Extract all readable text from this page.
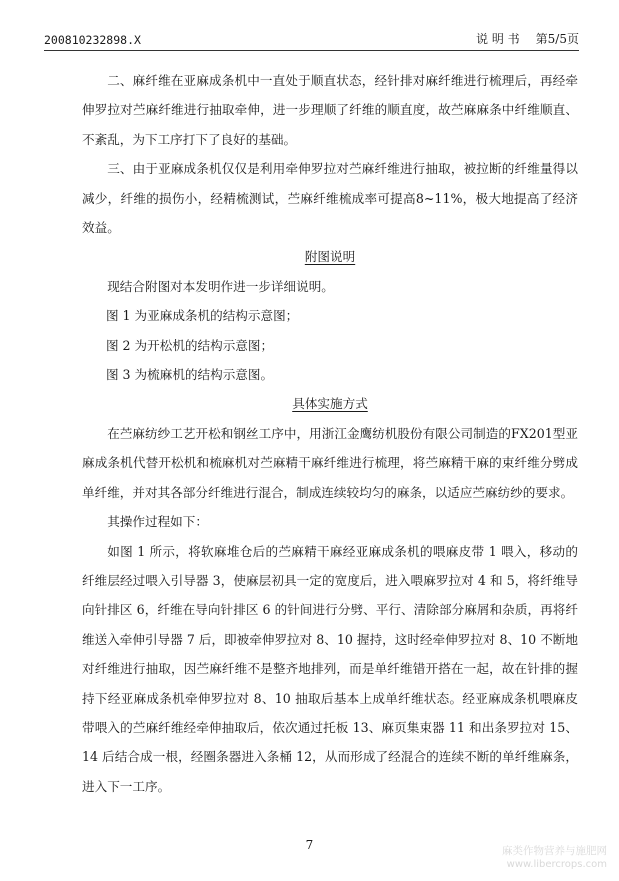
200810232898.X	说 明 书 第5/5页

二、麻纤维在亚麻成条机中一直处于顺直状态，经针排对麻纤维进行梳理后，再经牵伸罗拉对苎麻纤维进行抽取牵伸，进一步理顺了纤维的顺直度，故苎麻麻条中纤维顺直、不紊乱，为下工序打下了良好的基础。

三、由于亚麻成条机仅仅是利用牵伸罗拉对苎麻纤维进行抽取，被拉断的纤维量得以减少，纤维的损伤小，经精梳测试，苎麻纤维梳成率可提高8~11%，极大地提高了经济效益。

附图说明

现结合附图对本发明作进一步详细说明。

图 1 为亚麻成条机的结构示意图；

图 2 为开松机的结构示意图；

图 3 为梳麻机的结构示意图。

具体实施方式

在苎麻纺纱工艺开松和钢丝工序中，用浙江金鹰纺机股份有限公司制造的FX201型亚麻成条机代替开松机和梳麻机对苎麻精干麻纤维进行梳理，将苎麻精干麻的束纤维分劈成单纤维，并对其各部分纤维进行混合，制成连续较均匀的麻条，以适应苎麻纺纱的要求。

其操作过程如下：

如图 1 所示，将软麻堆仓后的苎麻精干麻经亚麻成条机的喂麻皮带 1 喂入，移动的纤维层经过喂入引导器 3，使麻层初具一定的宽度后，进入喂麻罗拉对 4 和 5，将纤维导向针排区 6，纤维在导向针排区 6 的针间进行分劈、平行、清除部分麻屑和杂质，再将纤维送入牵伸引导器 7 后，即被牵伸罗拉对 8、10 握持，这时经牵伸罗拉对 8、10 不断地对纤维进行抽取，因苎麻纤维不是整齐地排列，而是单纤维错开搭在一起，故在针排的握持下经亚麻成条机牵伸罗拉对 8、10 抽取后基本上成单纤维状态。经亚麻成条机喂麻皮带喂入的苎麻纤维经牵伸抽取后，依次通过托板 13、麻页集束器 11 和出条罗拉对 15、14 后结合成一根，经圈条器进入条桶 12，从而形成了经混合的连续不断的单纤维麻条，进入下一工序。

7	麻类作物营养与施肥网
www.libercrops.com
